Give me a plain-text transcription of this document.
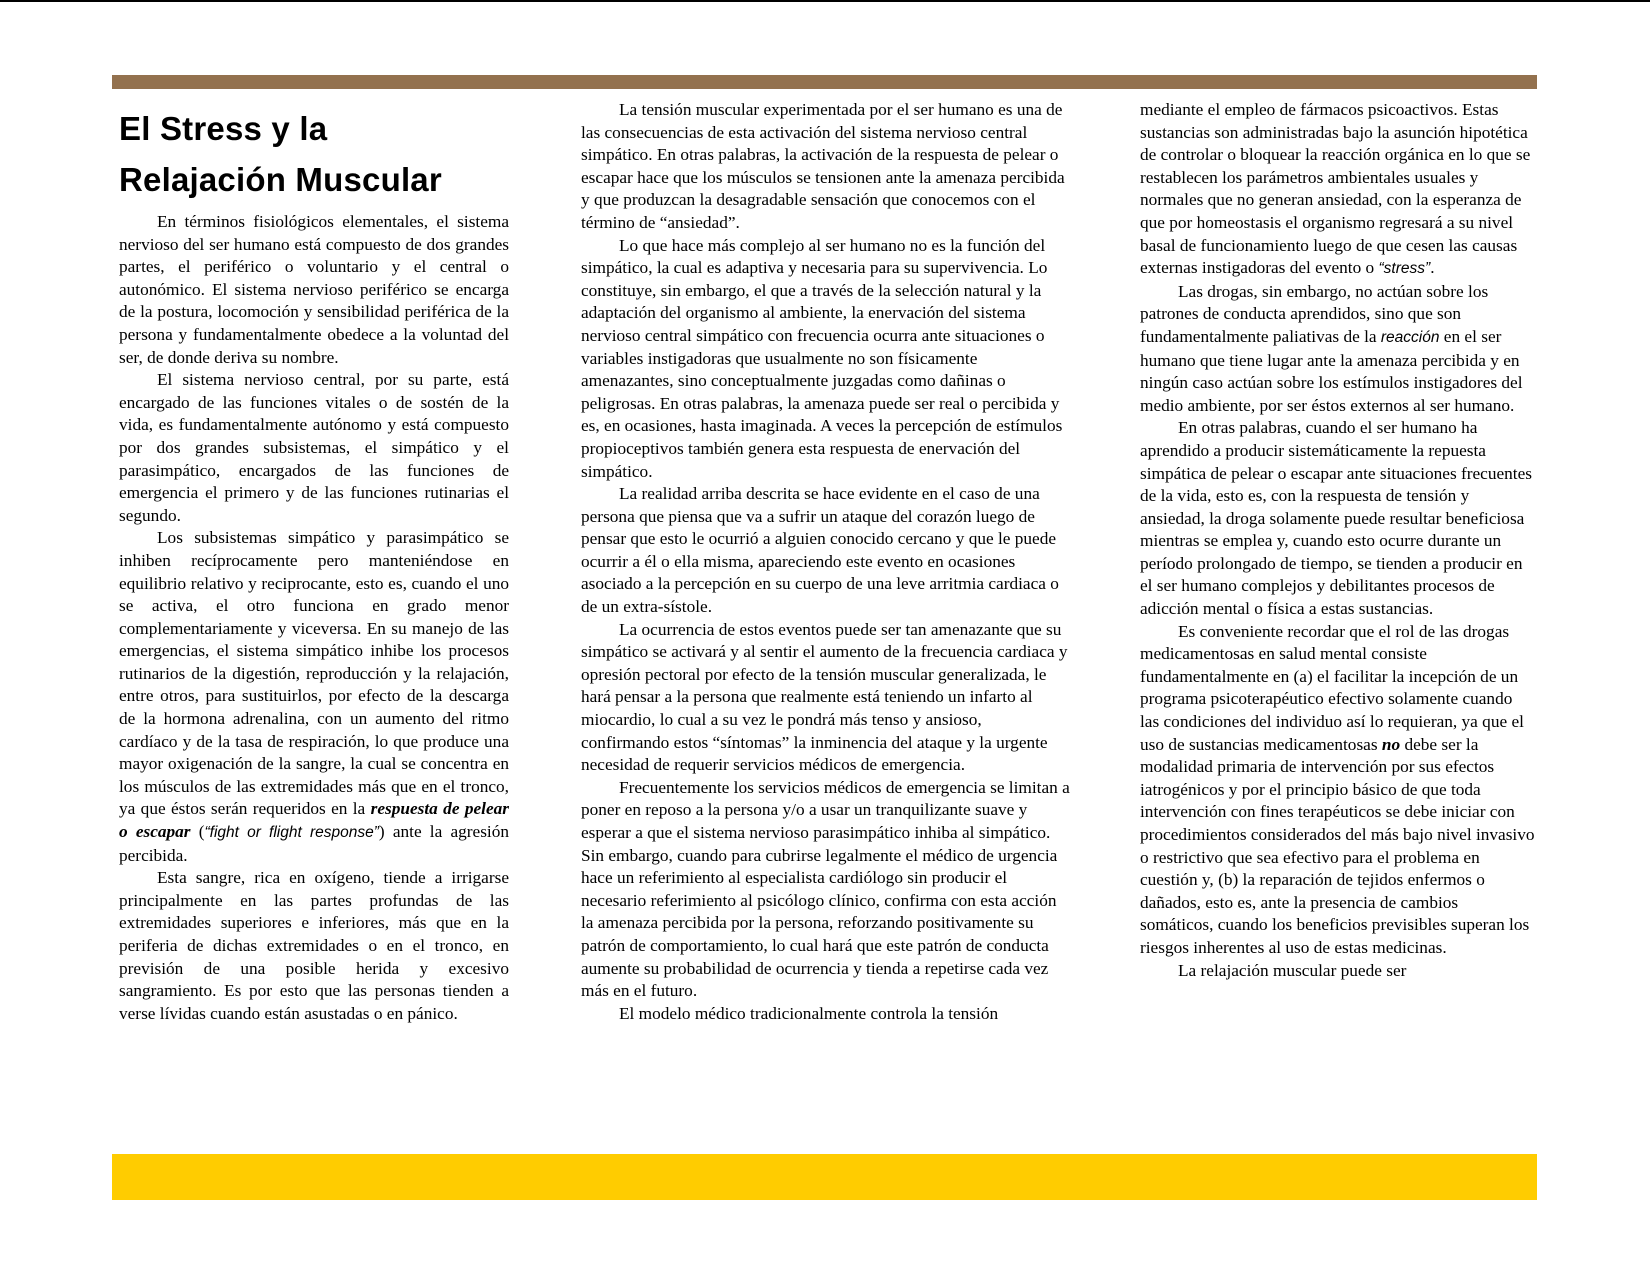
El Stress y la
Relajación Muscular

En términos fisiológicos elementales, el sistema nervioso del ser humano está compuesto de dos grandes partes, el periférico o voluntario y el central o autonómico. El sistema nervioso periférico se encarga de la postura, locomoción y sensibilidad periférica de la persona y fundamentalmente obedece a la voluntad del ser, de donde deriva su nombre.

El sistema nervioso central, por su parte, está encargado de las funciones vitales o de sostén de la vida, es fundamentalmente autónomo y está compuesto por dos grandes subsistemas, el simpático y el parasimpático, encargados de las funciones de emergencia el primero y de las funciones rutinarias el segundo.

Los subsistemas simpático y parasimpático se inhiben recíprocamente pero manteniéndose en equilibrio relativo y reciprocante, esto es, cuando el uno se activa, el otro funciona en grado menor complementariamente y viceversa. En su manejo de las emergencias, el sistema simpático inhibe los procesos rutinarios de la digestión, reproducción y la relajación, entre otros, para sustituirlos, por efecto de la descarga de la hormona adrenalina, con un aumento del ritmo cardíaco y de la tasa de respiración, lo que produce una mayor oxigenación de la sangre, la cual se concentra en los músculos de las extremidades más que en el tronco, ya que éstos serán requeridos en la respuesta de pelear o escapar (“fight or flight response”) ante la agresión percibida.

Esta sangre, rica en oxígeno, tiende a irrigarse principalmente en las partes profundas de las extremidades superiores e inferiores, más que en la periferia de dichas extremidades o en el tronco, en previsión de una posible herida y excesivo sangramiento. Es por esto que las personas tienden a verse lívidas cuando están asustadas o en pánico.

La tensión muscular experimentada por el ser humano es una de las consecuencias de esta activación del sistema nervioso central simpático. En otras palabras, la activación de la respuesta de pelear o escapar hace que los músculos se tensionen ante la amenaza percibida y que produzcan la desagradable sensación que conocemos con el término de “ansiedad”.

Lo que hace más complejo al ser humano no es la función del simpático, la cual es adaptiva y necesaria para su supervivencia. Lo constituye, sin embargo, el que a través de la selección natural y la adaptación del organismo al ambiente, la enervación del sistema nervioso central simpático con frecuencia ocurra ante situaciones o variables instigadoras que usualmente no son físicamente amenazantes, sino conceptualmente juzgadas como dañinas o peligrosas. En otras palabras, la amenaza puede ser real o percibida y es, en ocasiones, hasta imaginada. A veces la percepción de estímulos propioceptivos también genera esta respuesta de enervación del simpático.

La realidad arriba descrita se hace evidente en el caso de una persona que piensa que va a sufrir un ataque del corazón luego de pensar que esto le ocurrió a alguien conocido cercano y que le puede ocurrir a él o ella misma, apareciendo este evento en ocasiones asociado a la percepción en su cuerpo de una leve arritmia cardiaca o de un extra-sístole.

La ocurrencia de estos eventos puede ser tan amenazante que su simpático se activará y al sentir el aumento de la frecuencia cardiaca y opresión pectoral por efecto de la tensión muscular generalizada, le hará pensar a la persona que realmente está teniendo un infarto al miocardio, lo cual a su vez le pondrá más tenso y ansioso, confirmando estos “síntomas” la inminencia del ataque y la urgente necesidad de requerir servicios médicos de emergencia.

Frecuentemente los servicios médicos de emergencia se limitan a poner en reposo a la persona y/o a usar un tranquilizante suave y esperar a que el sistema nervioso parasimpático inhiba al simpático. Sin embargo, cuando para cubrirse legalmente el médico de urgencia hace un referimiento al especialista cardiólogo sin producir el necesario referimiento al psicólogo clínico, confirma con esta acción la amenaza percibida por la persona, reforzando positivamente su patrón de comportamiento, lo cual hará que este patrón de conducta aumente su probabilidad de ocurrencia y tienda a repetirse cada vez más en el futuro.

El modelo médico tradicionalmente controla la tensión

mediante el empleo de fármacos psicoactivos. Estas sustancias son administradas bajo la asunción hipotética de controlar o bloquear la reacción orgánica en lo que se restablecen los parámetros ambientales usuales y normales que no generan ansiedad, con la esperanza de que por homeostasis el organismo regresará a su nivel basal de funcionamiento luego de que cesen las causas externas instigadoras del evento o “stress”.

Las drogas, sin embargo, no actúan sobre los patrones de conducta aprendidos, sino que son fundamentalmente paliativas de la reacción en el ser humano que tiene lugar ante la amenaza percibida y en ningún caso actúan sobre los estímulos instigadores del medio ambiente, por ser éstos externos al ser humano.

En otras palabras, cuando el ser humano ha aprendido a producir sistemáticamente la repuesta simpática de pelear o escapar ante situaciones frecuentes de la vida, esto es, con la respuesta de tensión y ansiedad, la droga solamente puede resultar beneficiosa mientras se emplea y, cuando esto ocurre durante un período prolongado de tiempo, se tienden a producir en el ser humano complejos y debilitantes procesos de adicción mental o física a estas sustancias.

Es conveniente recordar que el rol de las drogas medicamentosas en salud mental consiste fundamentalmente en (a) el facilitar la incepción de un programa psicoterapéutico efectivo solamente cuando las condiciones del individuo así lo requieran, ya que el uso de sustancias medicamentosas no debe ser la modalidad primaria de intervención por sus efectos iatrogénicos y por el principio básico de que toda intervención con fines terapéuticos se debe iniciar con procedimientos considerados del más bajo nivel invasivo o restrictivo que sea efectivo para el problema en cuestión y, (b) la reparación de tejidos enfermos o dañados, esto es, ante la presencia de cambios somáticos, cuando los beneficios previsibles superan los riesgos inherentes al uso de estas medicinas.

La relajación muscular puede ser
